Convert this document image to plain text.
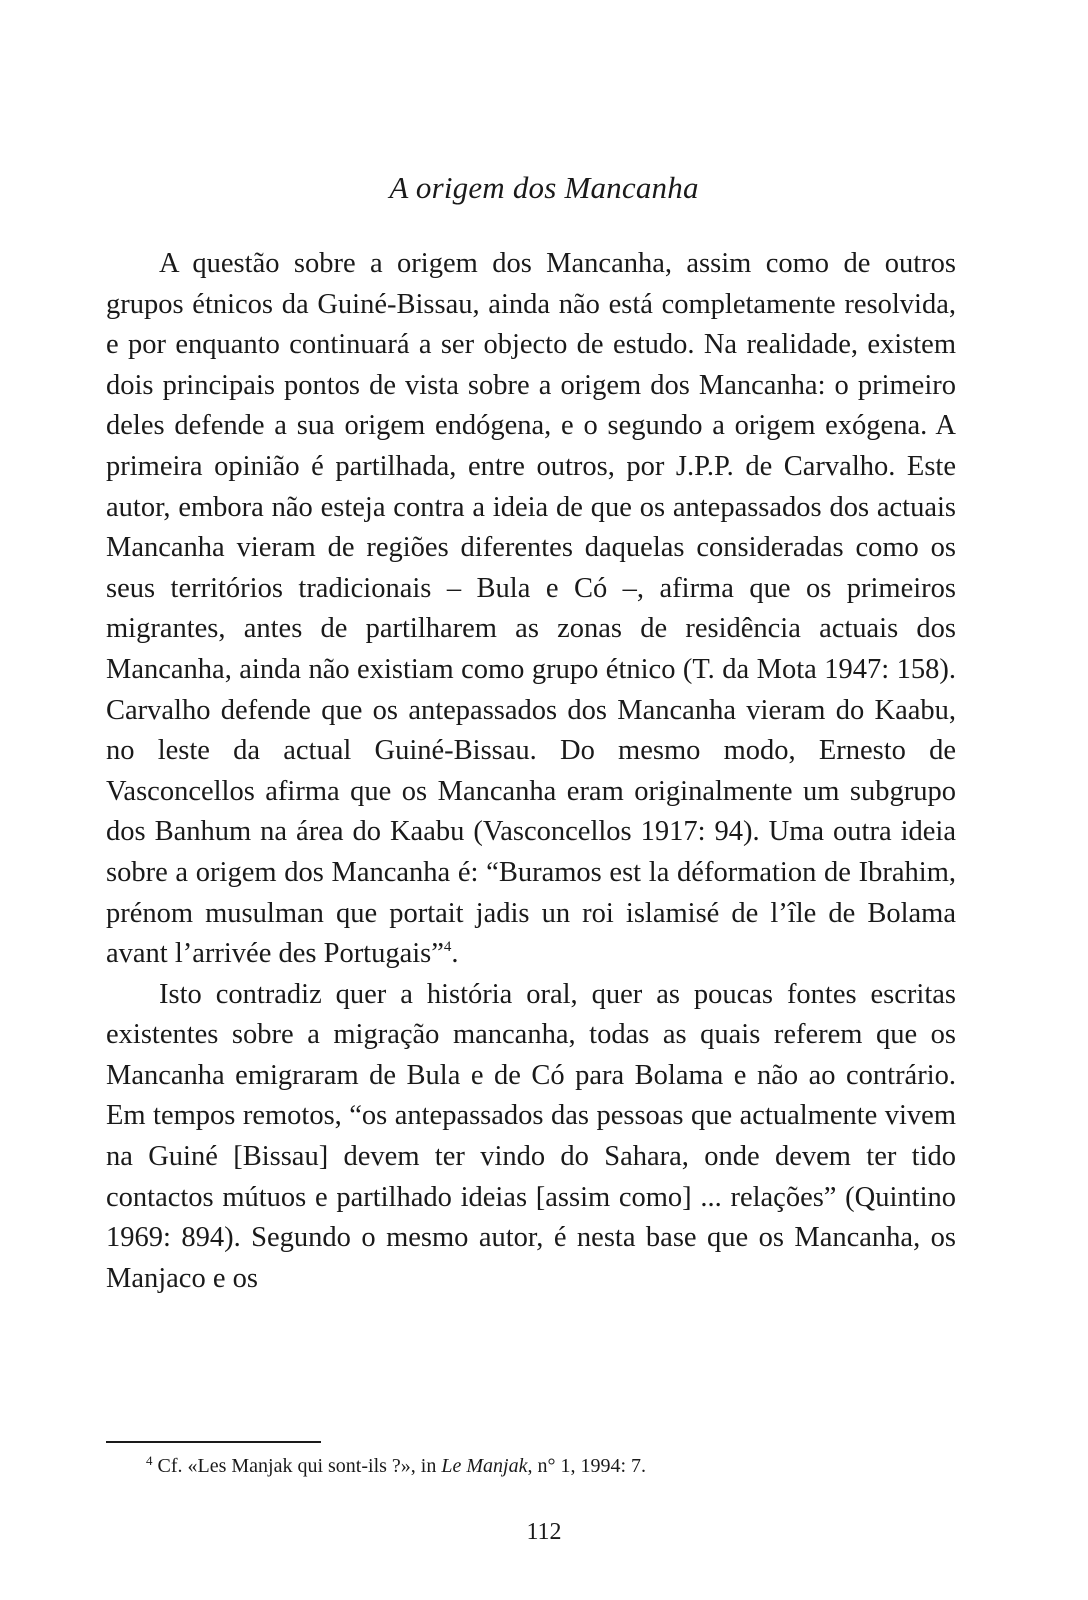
A origem dos Mancanha

A questão sobre a origem dos Mancanha, assim como de outros grupos étnicos da Guiné-Bissau, ainda não está completamente resolvida, e por enquanto continuará a ser objecto de estudo. Na realidade, existem dois principais pontos de vista sobre a origem dos Mancanha: o primeiro deles defende a sua origem endógena, e o segundo a origem exógena. A primeira opinião é partilhada, entre outros, por J.P.P. de Carvalho. Este autor, embora não esteja contra a ideia de que os antepassados dos actuais Mancanha vieram de regiões diferentes daquelas consideradas como os seus territórios tradicionais – Bula e Có –, afirma que os primeiros migrantes, antes de partilharem as zonas de residência actuais dos Mancanha, ainda não existiam como grupo étnico (T. da Mota 1947: 158). Carvalho defende que os antepassados dos Mancanha vieram do Kaabu, no leste da actual Guiné-Bissau. Do mesmo modo, Ernesto de Vasconcellos afirma que os Mancanha eram originalmente um subgrupo dos Banhum na área do Kaabu (Vasconcellos 1917: 94). Uma outra ideia sobre a origem dos Mancanha é: “Buramos est la déformation de Ibrahim, prénom musulman que portait jadis un roi islamisé de l’île de Bolama avant l’arrivée des Portugais”$^4$.

Isto contradiz quer a história oral, quer as poucas fontes escritas existentes sobre a migração mancanha, todas as quais referem que os Mancanha emigraram de Bula e de Có para Bolama e não ao contrário. Em tempos remotos, “os antepassados das pessoas que actualmente vivem na Guiné [Bissau] devem ter vindo do Sahara, onde devem ter tido contactos mútuos e partilhado ideias [assim como] ... relações” (Quintino 1969: 894). Segundo o mesmo autor, é nesta base que os Mancanha, os Manjaco e os

$^4$ Cf. «Les Manjak qui sont-ils ?», in Le Manjak, n° 1, 1994: 7.
112
